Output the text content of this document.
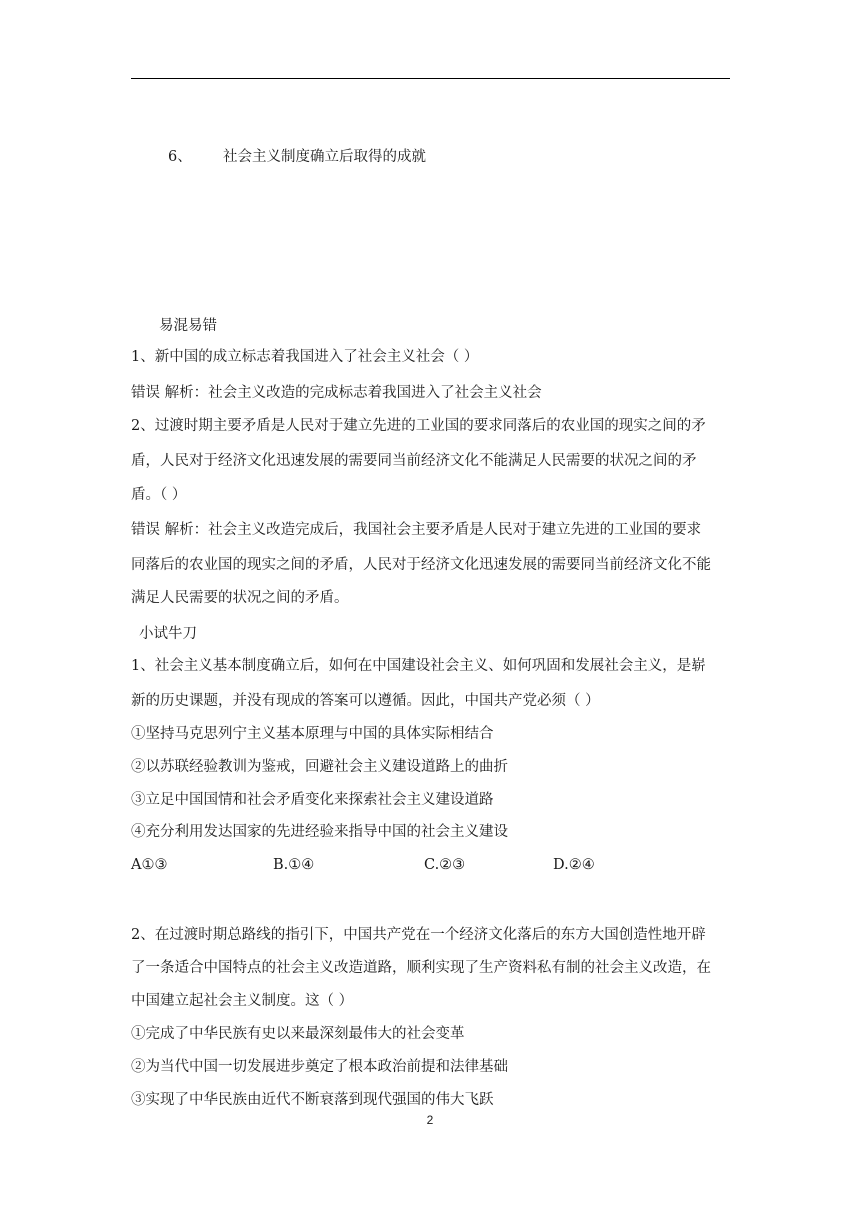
6、 社会主义制度确立后取得的成就
易混易错
1、新中国的成立标志着我国进入了社会主义社会（ ）
错误 解析：社会主义改造的完成标志着我国进入了社会主义社会
2、过渡时期主要矛盾是人民对于建立先进的工业国的要求同落后的农业国的现实之间的矛
盾，人民对于经济文化迅速发展的需要同当前经济文化不能满足人民需要的状况之间的矛
盾。（ ）
错误 解析：社会主义改造完成后，我国社会主要矛盾是人民对于建立先进的工业国的要求
同落后的农业国的现实之间的矛盾，人民对于经济文化迅速发展的需要同当前经济文化不能
满足人民需要的状况之间的矛盾。
小试牛刀
1、社会主义基本制度确立后，如何在中国建设社会主义、如何巩固和发展社会主义，是崭
新的历史课题，并没有现成的答案可以遵循。因此，中国共产党必须（ ）
①坚持马克思列宁主义基本原理与中国的具体实际相结合
②以苏联经验教训为鉴戒，回避社会主义建设道路上的曲折
③立足中国国情和社会矛盾变化来探索社会主义建设道路
④充分利用发达国家的先进经验来指导中国的社会主义建设
A①③	B.①④	C.②③	D.②④
2、在过渡时期总路线的指引下，中国共产党在一个经济文化落后的东方大国创造性地开辟
了一条适合中国特点的社会主义改造道路，顺利实现了生产资料私有制的社会主义改造，在
中国建立起社会主义制度。这（ ）
①完成了中华民族有史以来最深刻最伟大的社会变革
②为当代中国一切发展进步奠定了根本政治前提和法律基础
③实现了中华民族由近代不断衰落到现代强国的伟大飞跃
2
